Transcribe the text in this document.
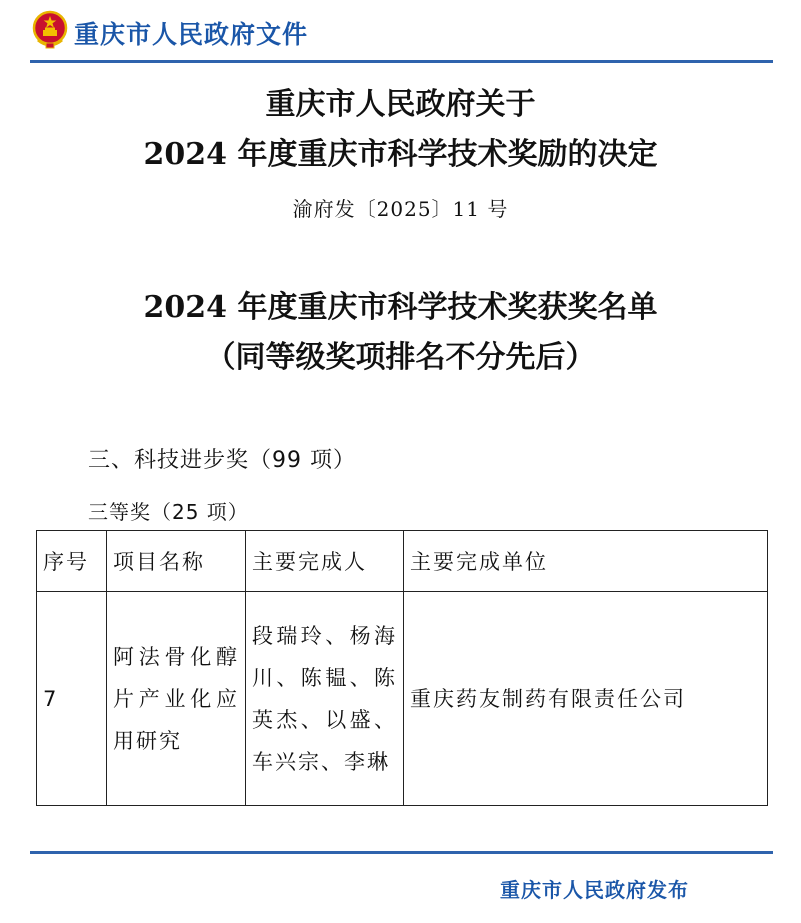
重庆市人民政府文件
重庆市人民政府关于
2024 年度重庆市科学技术奖励的决定
渝府发〔2025〕11 号
2024 年度重庆市科学技术奖获奖名单
（同等级奖项排名不分先后）
三、科技进步奖（99 项）
三等奖（25 项）
序号	项目名称	主要完成人	主要完成单位
7	阿法骨化醇片产业化应用研究	段瑞玲、杨海川、陈韫、陈英杰、以盛、车兴宗、李琳	重庆药友制药有限责任公司
重庆市人民政府发布
